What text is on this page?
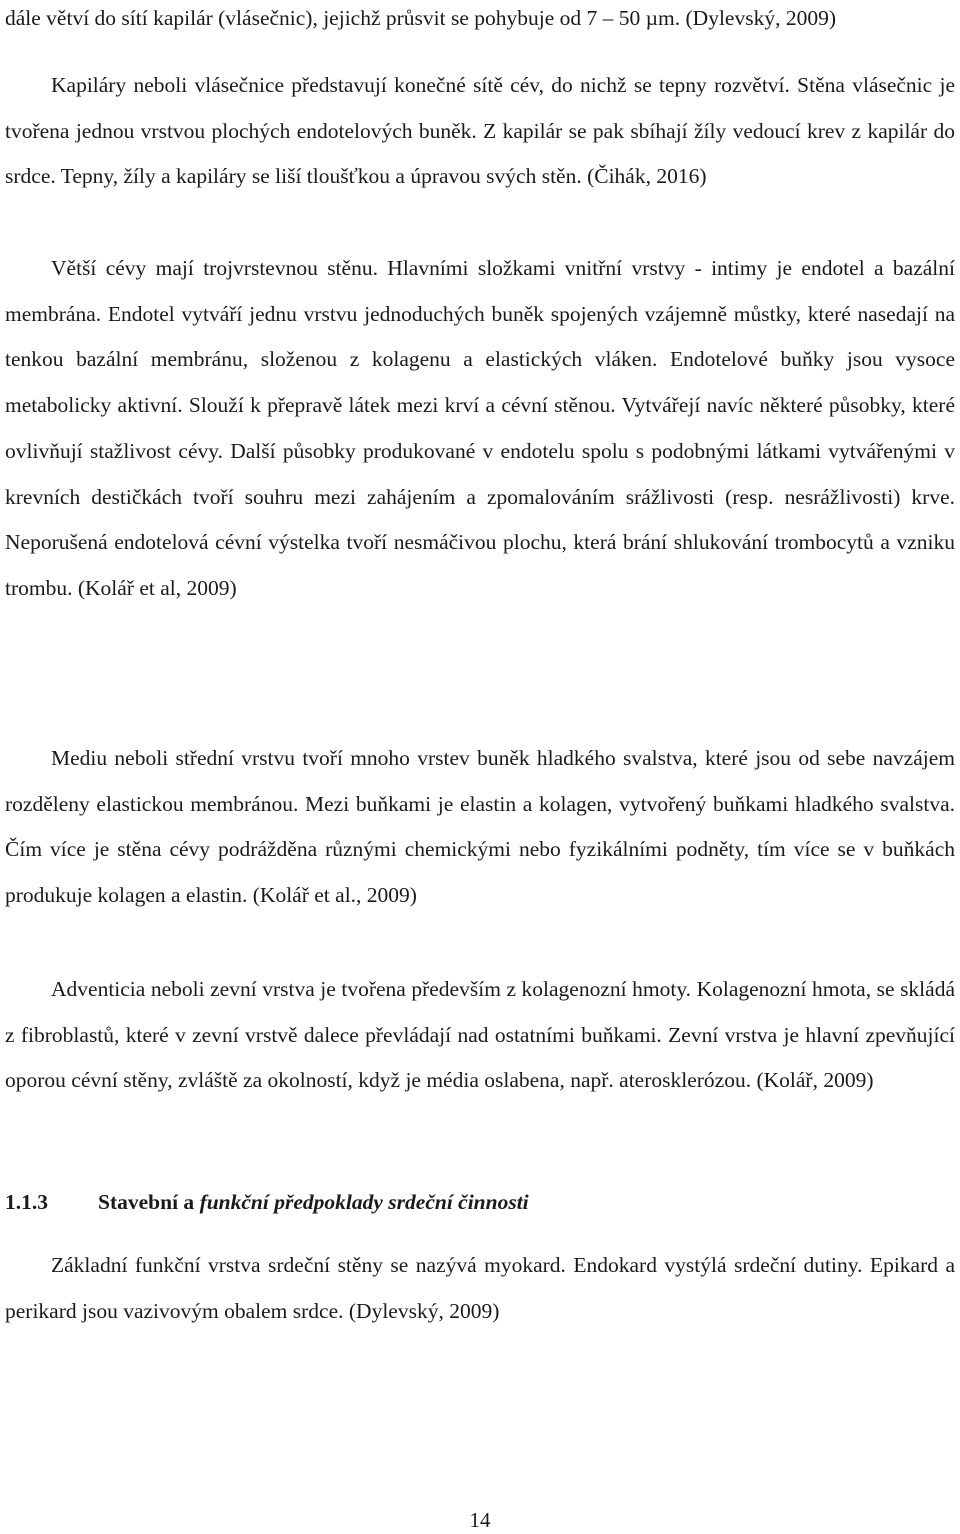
dále větví do sítí kapilár (vlásečnic), jejichž průsvit se pohybuje od 7 – 50 µm. (Dylevský, 2009)

Kapiláry neboli vlásečnice představují konečné sítě cév, do nichž se tepny rozvětví. Stěna vlásečnic je tvořena jednou vrstvou plochých endotelových buněk. Z kapilár se pak sbíhají žíly vedoucí krev z kapilár do srdce. Tepny, žíly a kapiláry se liší tloušťkou a úpravou svých stěn. (Čihák, 2016)

Větší cévy mají trojvrstevnou stěnu. Hlavními složkami vnitřní vrstvy - intimy je endotel a bazální membrána. Endotel vytváří jednu vrstvu jednoduchých buněk spojených vzájemně můstky, které nasedají na tenkou bazální membránu, složenou z kolagenu a elastických vláken. Endotelové buňky jsou vysoce metabolicky aktivní. Slouží k přepravě látek mezi krví a cévní stěnou. Vytvářejí navíc některé působky, které ovlivňují stažlivost cévy. Další působky produkované v endotelu spolu s podobnými látkami vytvářenými v krevních destičkách tvoří souhru mezi zahájením a zpomalováním srážlivosti (resp. nesrážlivosti) krve. Neporušená endotelová cévní výstelka tvoří nesmáčivou plochu, která brání shlukování trombocytů a vzniku trombu. (Kolář et al, 2009)

Mediu neboli střední vrstvu tvoří mnoho vrstev buněk hladkého svalstva, které jsou od sebe navzájem rozděleny elastickou membránou. Mezi buňkami je elastin a kolagen, vytvořený buňkami hladkého svalstva. Čím více je stěna cévy podrážděna různými chemickými nebo fyzikálními podněty, tím více se v buňkách produkuje kolagen a elastin. (Kolář et al., 2009)

Adventicia neboli zevní vrstva je tvořena především z kolagenozní hmoty. Kolagenozní hmota, se skládá z fibroblastů, které v zevní vrstvě dalece převládají nad ostatními buňkami. Zevní vrstva je hlavní zpevňující oporou cévní stěny, zvláště za okolností, když je média oslabena, např. aterosklerózou. (Kolář, 2009)

1.1.3 Stavební a funkční předpoklady srdeční činnosti

Základní funkční vrstva srdeční stěny se nazývá myokard. Endokard vystýlá srdeční dutiny. Epikard a perikard jsou vazivovým obalem srdce. (Dylevský, 2009)

14
